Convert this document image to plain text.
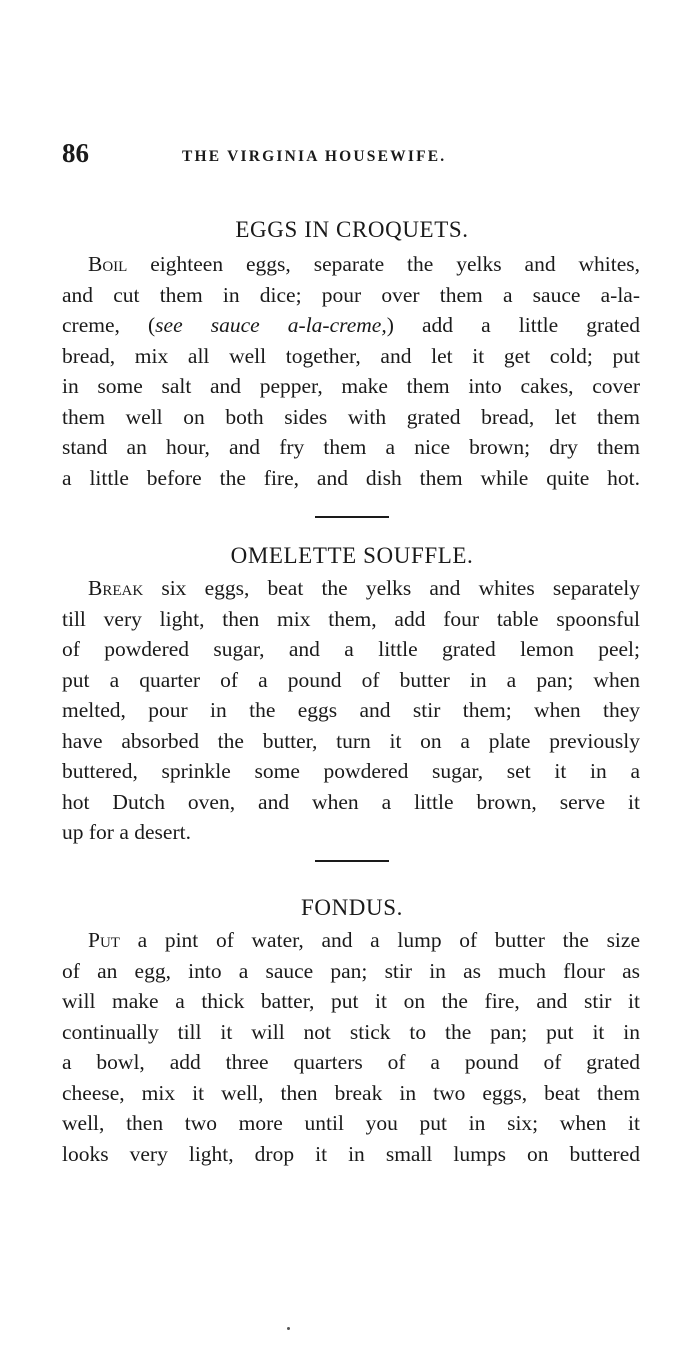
86	THE VIRGINIA HOUSEWIFE.
EGGS IN CROQUETS.
Boil eighteen eggs, separate the yelks and whites,
and cut them in dice; pour over them a sauce a-la-
creme, (see sauce a-la-creme,) add a little grated
bread, mix all well together, and let it get cold; put
in some salt and pepper, make them into cakes, cover
them well on both sides with grated bread, let them
stand an hour, and fry them a nice brown; dry them
a little before the fire, and dish them while quite hot.
OMELETTE SOUFFLE.
Break six eggs, beat the yelks and whites separately
till very light, then mix them, add four table spoonsful
of powdered sugar, and a little grated lemon peel;
put a quarter of a pound of butter in a pan; when
melted, pour in the eggs and stir them; when they
have absorbed the butter, turn it on a plate previously
buttered, sprinkle some powdered sugar, set it in a
hot Dutch oven, and when a little brown, serve it
up for a desert.
FONDUS.
Put a pint of water, and a lump of butter the size
of an egg, into a sauce pan; stir in as much flour as
will make a thick batter, put it on the fire, and stir it
continually till it will not stick to the pan; put it in
a bowl, add three quarters of a pound of grated
cheese, mix it well, then break in two eggs, beat them
well, then two more until you put in six; when it
looks very light, drop it in small lumps on buttered
